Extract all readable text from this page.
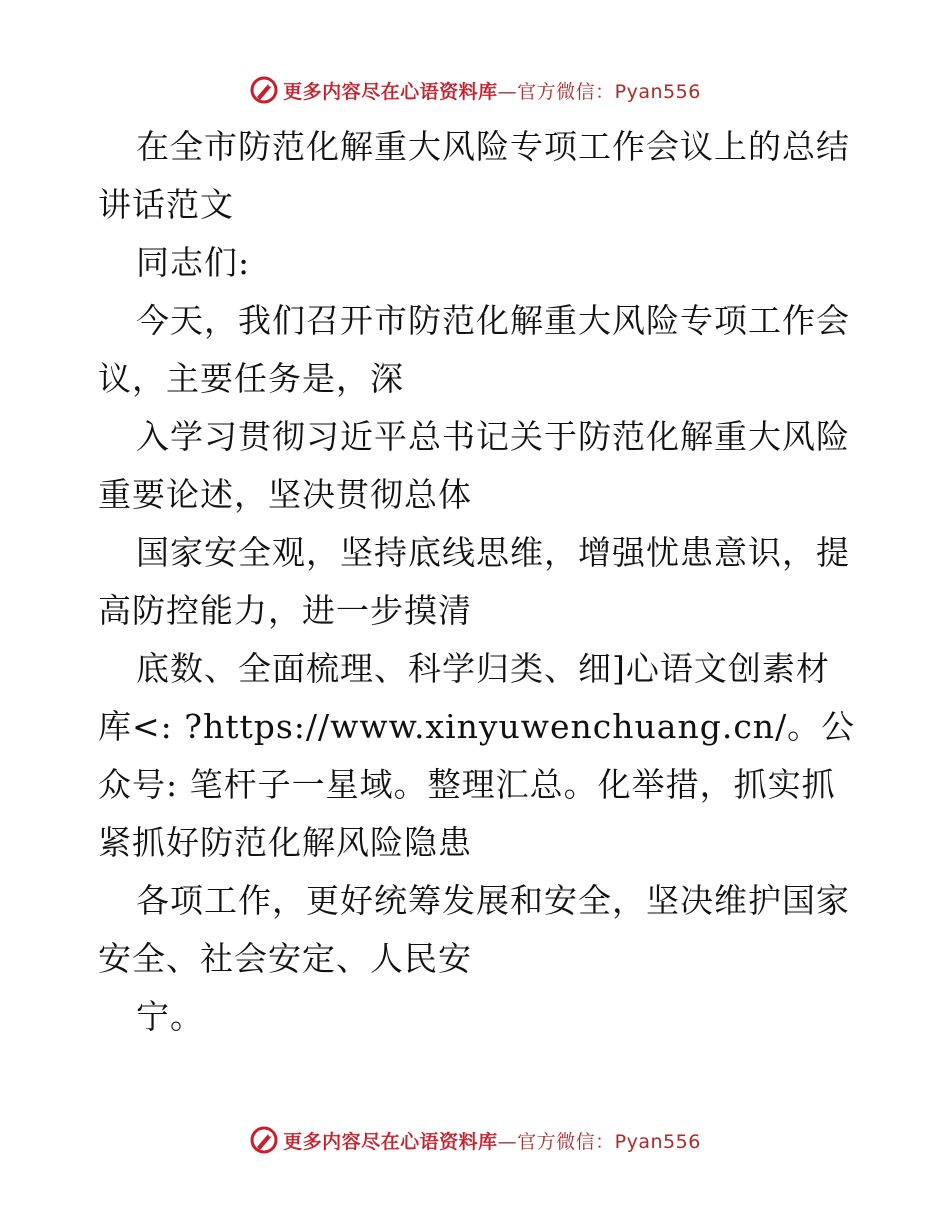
更多内容尽在心语资料库—官方微信：Pyan556

在全市防范化解重大风险专项工作会议上的总结讲话范文

同志们:

今天，我们召开市防范化解重大风险专项工作会议，主要任务是，深

入学习贯彻习近平总书记关于防范化解重大风险重要论述，坚决贯彻总体

国家安全观，坚持底线思维，增强忧患意识，提高防控能力，进一步摸清

底数、全面梳理、科学归类、细]心语文创素材库<: ?https://www.xinyuwenchuang.cn/。公众号: 笔杆子一星域。整理汇总。化举措，抓实抓紧抓好防范化解风险隐患

各项工作，更好统筹发展和安全，坚决维护国家安全、社会安定、人民安

宁。

更多内容尽在心语资料库—官方微信：Pyan556
